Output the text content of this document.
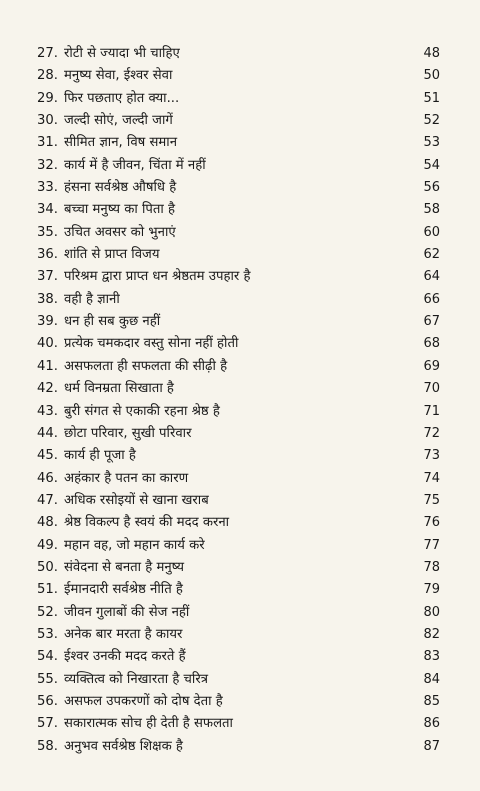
27. रोटी से ज्यादा भी चाहिए	48
28. मनुष्य सेवा, ईश्वर सेवा	50
29. फिर पछताए होत क्या...	51
30. जल्दी सोएं, जल्दी जागें	52
31. सीमित ज्ञान, विष समान	53
32. कार्य में है जीवन, चिंता में नहीं	54
33. हंसना सर्वश्रेष्ठ औषधि है	56
34. बच्चा मनुष्य का पिता है	58
35. उचित अवसर को भुनाएं	60
36. शांति से प्राप्त विजय	62
37. परिश्रम द्वारा प्राप्त धन श्रेष्ठतम उपहार है	64
38. वही है ज्ञानी	66
39. धन ही सब कुछ नहीं	67
40. प्रत्येक चमकदार वस्तु सोना नहीं होती	68
41. असफलता ही सफलता की सीढ़ी है	69
42. धर्म विनम्रता सिखाता है	70
43. बुरी संगत से एकाकी रहना श्रेष्ठ है	71
44. छोटा परिवार, सुखी परिवार	72
45. कार्य ही पूजा है	73
46. अहंकार है पतन का कारण	74
47. अधिक रसोइयों से खाना खराब	75
48. श्रेष्ठ विकल्प है स्वयं की मदद करना	76
49. महान वह, जो महान कार्य करे	77
50. संवेदना से बनता है मनुष्य	78
51. ईमानदारी सर्वश्रेष्ठ नीति है	79
52. जीवन गुलाबों की सेज नहीं	80
53. अनेक बार मरता है कायर	82
54. ईश्वर उनकी मदद करते हैं	83
55. व्यक्तित्व को निखारता है चरित्र	84
56. असफल उपकरणों को दोष देता है	85
57. सकारात्मक सोच ही देती है सफलता	86
58. अनुभव सर्वश्रेष्ठ शिक्षक है	87
